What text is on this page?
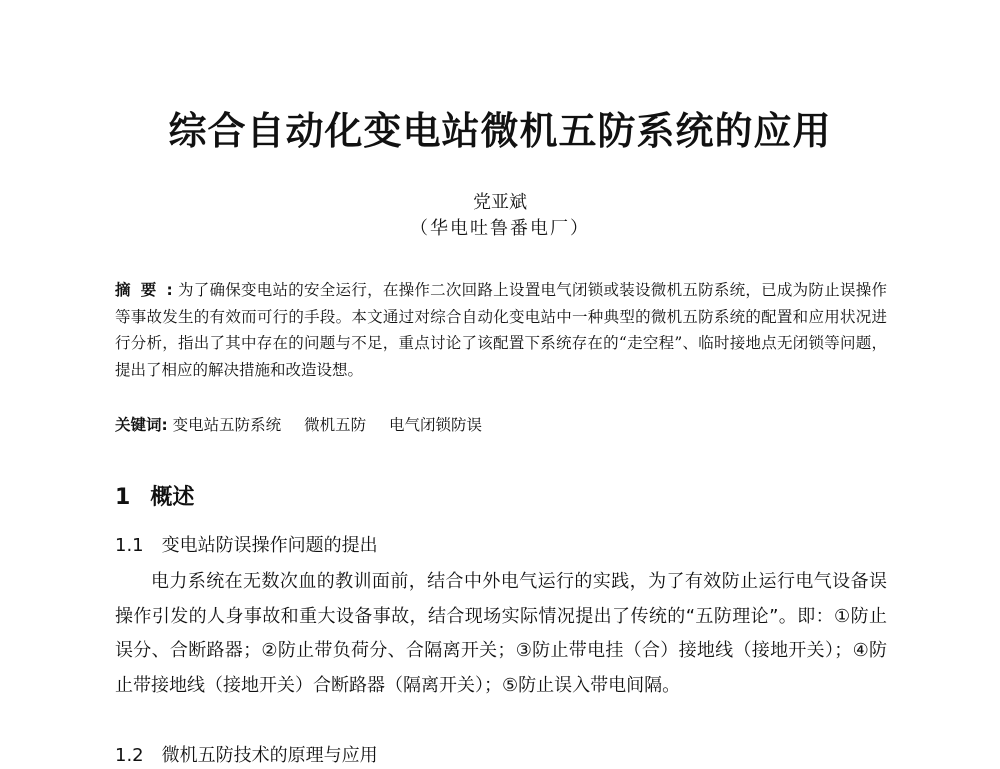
综合自动化变电站微机五防系统的应用
党亚斌
（华电吐鲁番电厂）
摘要: 为了确保变电站的安全运行，在操作二次回路上设置电气闭锁或装设微机五防系统，已成为防止误操作等事故发生的有效而可行的手段。本文通过对综合自动化变电站中一种典型的微机五防系统的配置和应用状况进行分析，指出了其中存在的问题与不足，重点讨论了该配置下系统存在的“走空程”、临时接地点无闭锁等问题，提出了相应的解决措施和改造设想。
关键词: 变电站五防系统 微机五防 电气闭锁防误
1 概述
1.1 变电站防误操作问题的提出
电力系统在无数次血的教训面前，结合中外电气运行的实践，为了有效防止运行电气设备误操作引发的人身事故和重大设备事故，结合现场实际情况提出了传统的“五防理论”。即：①防止误分、合断路器；②防止带负荷分、合隔离开关；③防止带电挂（合）接地线（接地开关）；④防止带接地线（接地开关）合断路器（隔离开关）；⑤防止误入带电间隔。
1.2 微机五防技术的原理与应用
